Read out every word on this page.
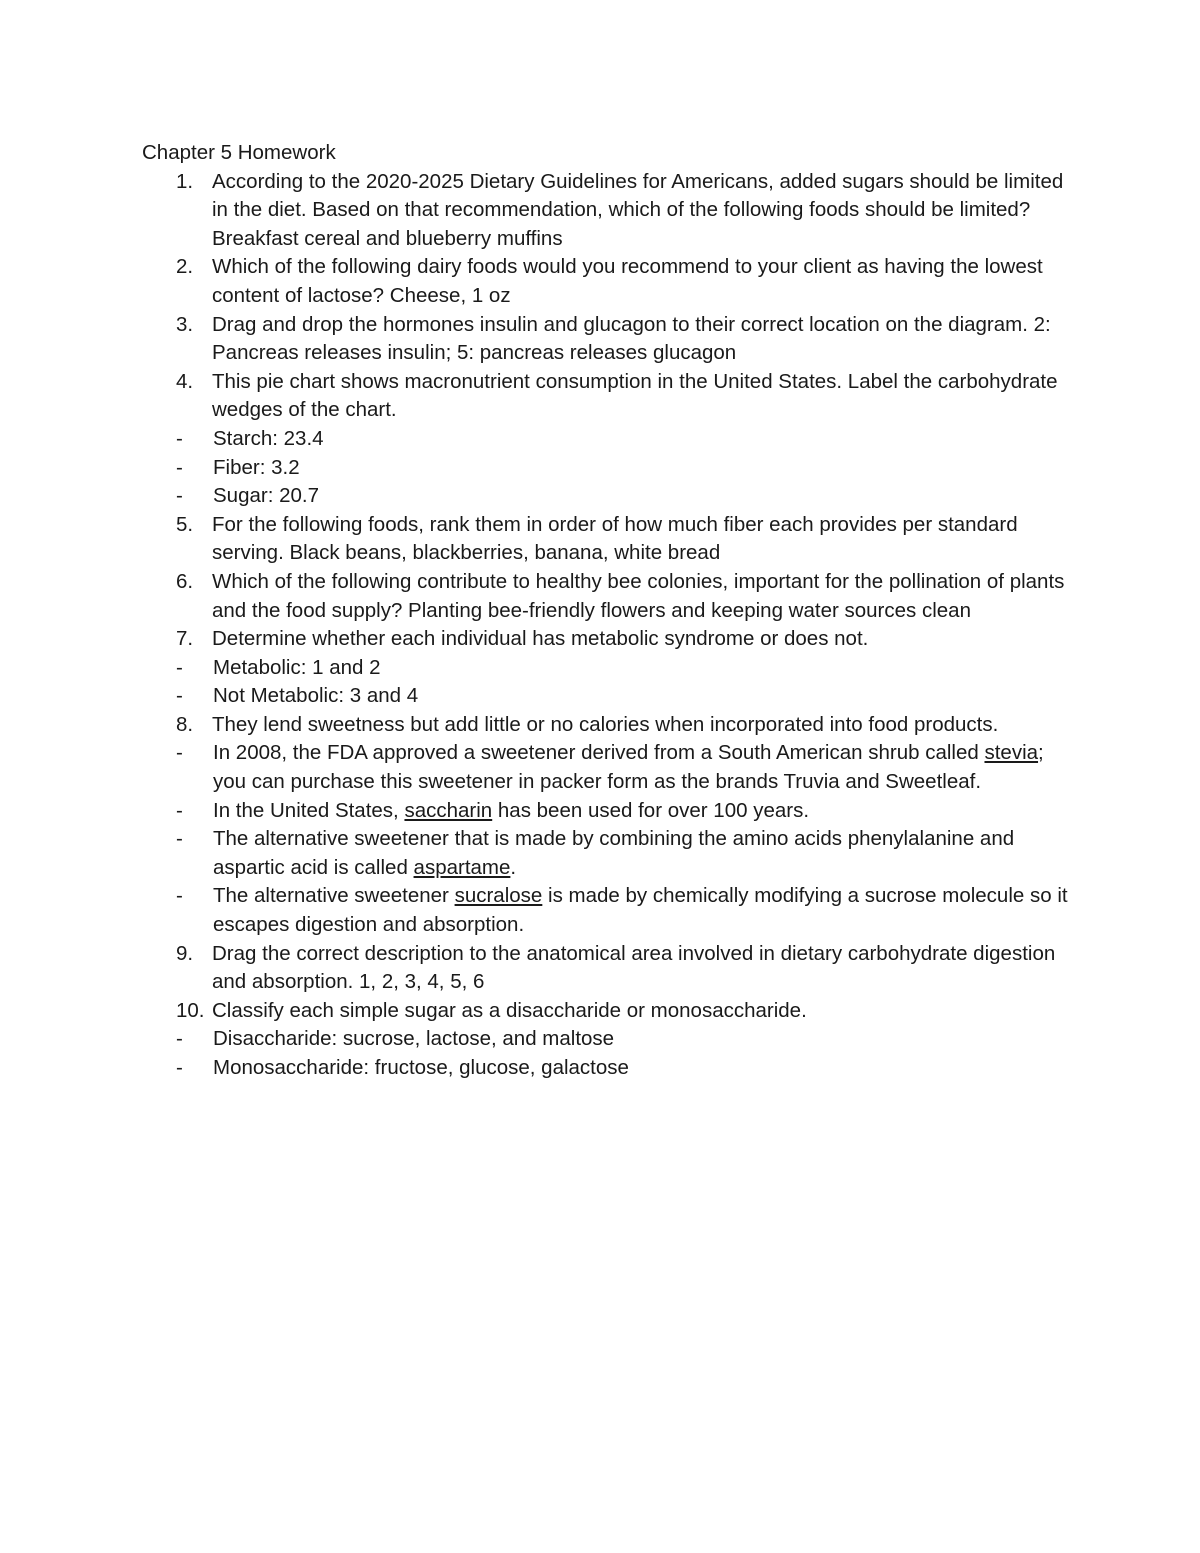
Chapter 5 Homework
1. According to the 2020-2025 Dietary Guidelines for Americans, added sugars should be limited in the diet. Based on that recommendation, which of the following foods should be limited? Breakfast cereal and blueberry muffins
2. Which of the following dairy foods would you recommend to your client as having the lowest content of lactose? Cheese, 1 oz
3. Drag and drop the hormones insulin and glucagon to their correct location on the diagram. 2: Pancreas releases insulin; 5: pancreas releases glucagon
4. This pie chart shows macronutrient consumption in the United States. Label the carbohydrate wedges of the chart.
- Starch: 23.4
- Fiber: 3.2
- Sugar: 20.7
5. For the following foods, rank them in order of how much fiber each provides per standard serving. Black beans, blackberries, banana, white bread
6. Which of the following contribute to healthy bee colonies, important for the pollination of plants and the food supply? Planting bee-friendly flowers and keeping water sources clean
7. Determine whether each individual has metabolic syndrome or does not.
- Metabolic: 1 and 2
- Not Metabolic: 3 and 4
8. They lend sweetness but add little or no calories when incorporated into food products.
- In 2008, the FDA approved a sweetener derived from a South American shrub called stevia; you can purchase this sweetener in packer form as the brands Truvia and Sweetleaf.
- In the United States, saccharin has been used for over 100 years.
- The alternative sweetener that is made by combining the amino acids phenylalanine and aspartic acid is called aspartame.
- The alternative sweetener sucralose is made by chemically modifying a sucrose molecule so it escapes digestion and absorption.
9. Drag the correct description to the anatomical area involved in dietary carbohydrate digestion and absorption. 1, 2, 3, 4, 5, 6
10. Classify each simple sugar as a disaccharide or monosaccharide.
- Disaccharide: sucrose, lactose, and maltose
- Monosaccharide: fructose, glucose, galactose
